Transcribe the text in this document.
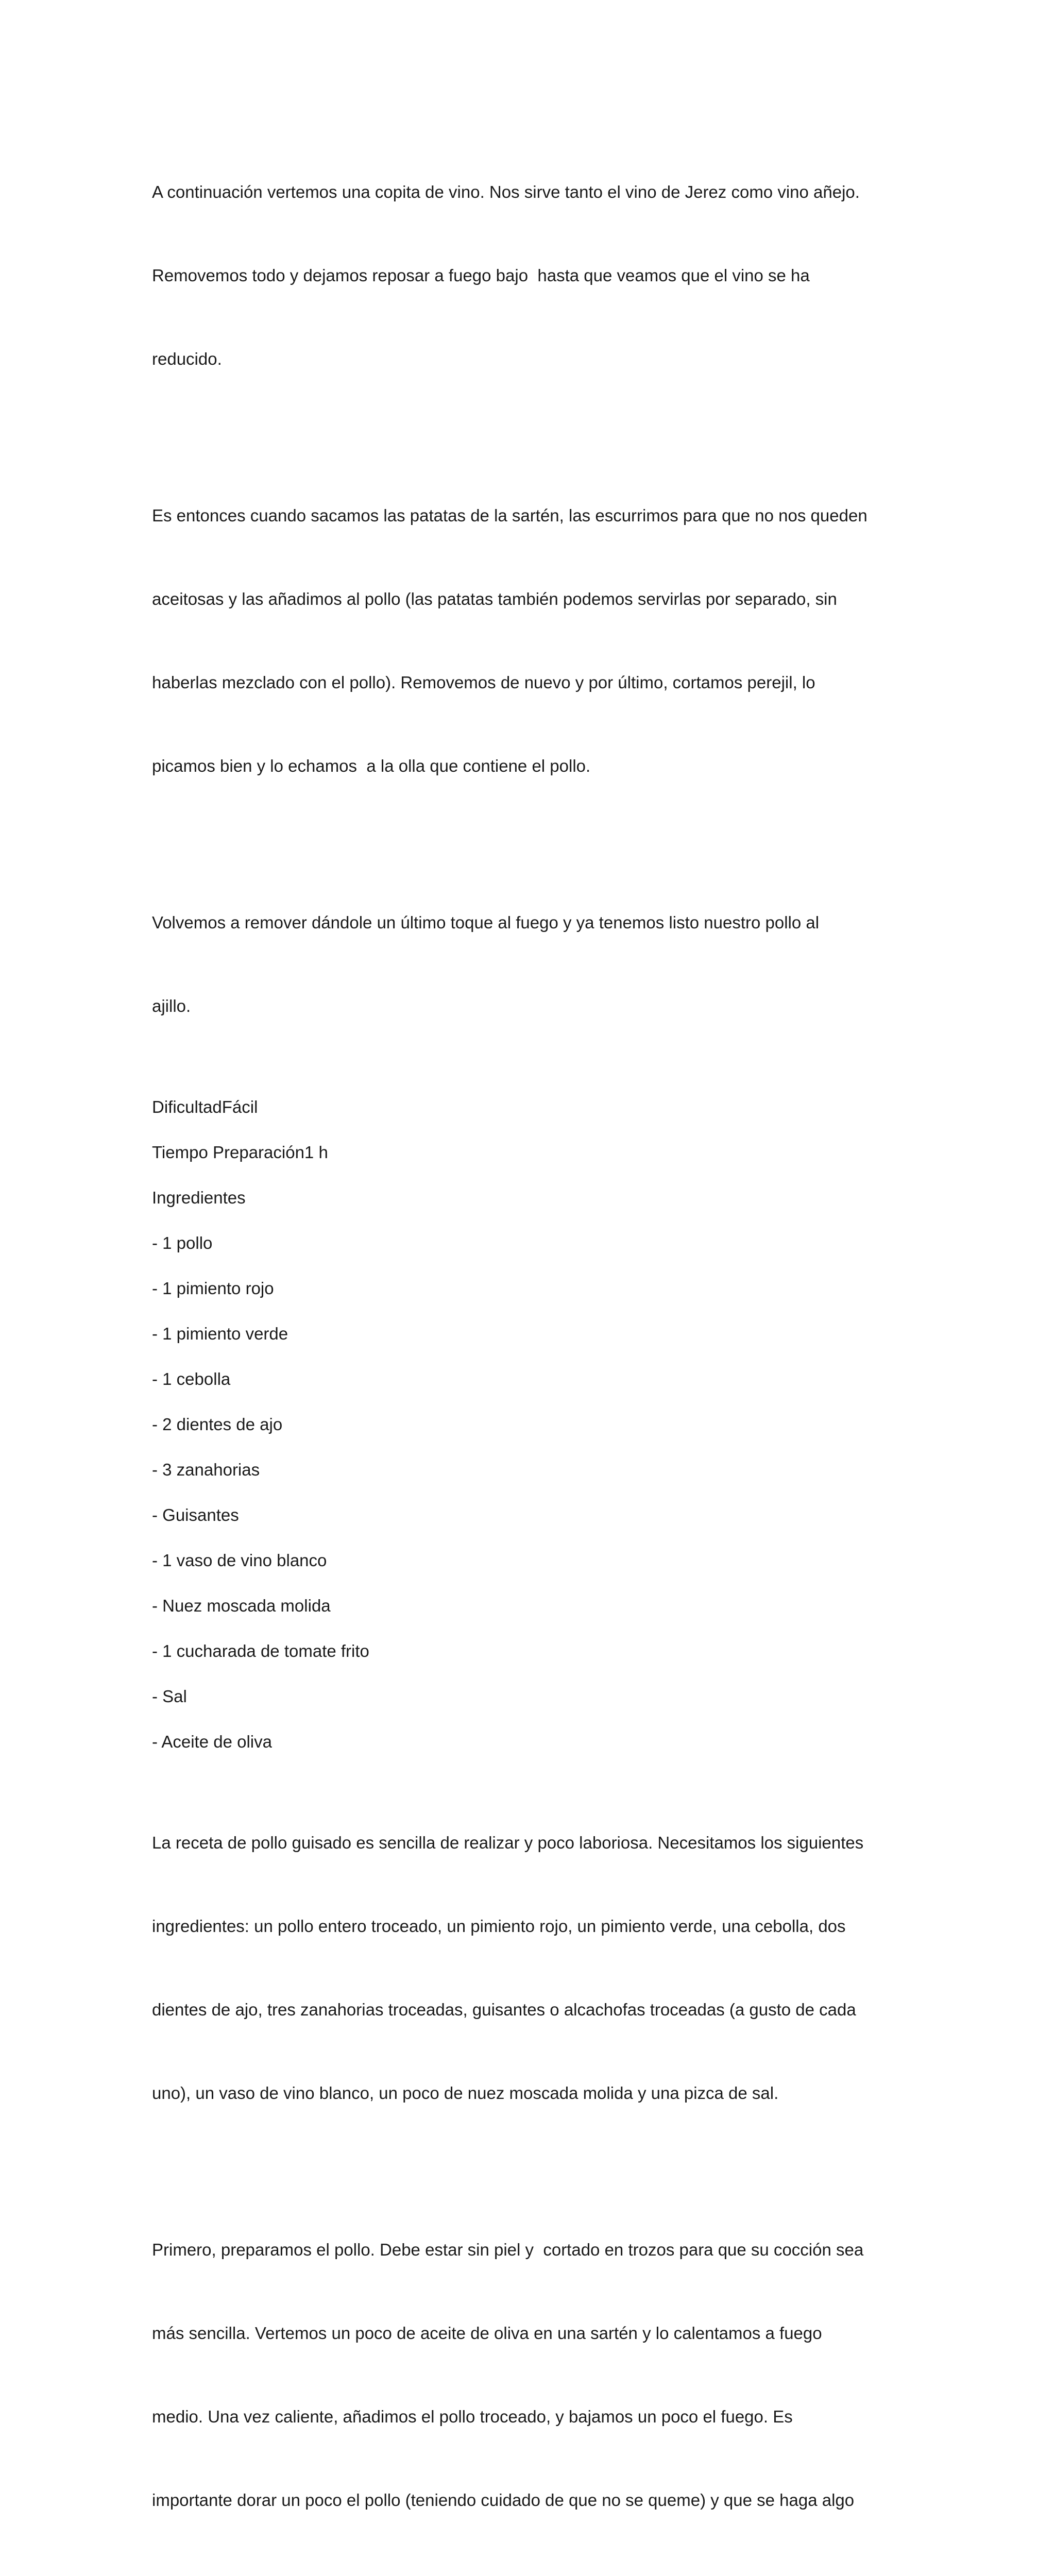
A continuación vertemos una copita de vino. Nos sirve tanto el vino de Jerez como vino añejo.

Removemos todo y dejamos reposar a fuego bajo  hasta que veamos que el vino se ha

reducido.

Es entonces cuando sacamos las patatas de la sartén, las escurrimos para que no nos queden

aceitosas y las añadimos al pollo (las patatas también podemos servirlas por separado, sin

haberlas mezclado con el pollo). Removemos de nuevo y por último, cortamos perejil, lo

picamos bien y lo echamos  a la olla que contiene el pollo.

Volvemos a remover dándole un último toque al fuego y ya tenemos listo nuestro pollo al

ajillo.

DificultadFácil

Tiempo Preparación1 h

Ingredientes

- 1 pollo

- 1 pimiento rojo

- 1 pimiento verde

- 1 cebolla

- 2 dientes de ajo

- 3 zanahorias

- Guisantes

- 1 vaso de vino blanco

- Nuez moscada molida

- 1 cucharada de tomate frito

- Sal

- Aceite de oliva

La receta de pollo guisado es sencilla de realizar y poco laboriosa. Necesitamos los siguientes

ingredientes: un pollo entero troceado, un pimiento rojo, un pimiento verde, una cebolla, dos

dientes de ajo, tres zanahorias troceadas, guisantes o alcachofas troceadas (a gusto de cada

uno), un vaso de vino blanco, un poco de nuez moscada molida y una pizca de sal.

Primero, preparamos el pollo. Debe estar sin piel y  cortado en trozos para que su cocción sea

más sencilla. Vertemos un poco de aceite de oliva en una sartén y lo calentamos a fuego

medio. Una vez caliente, añadimos el pollo troceado, y bajamos un poco el fuego. Es

importante dorar un poco el pollo (teniendo cuidado de que no se queme) y que se haga algo
